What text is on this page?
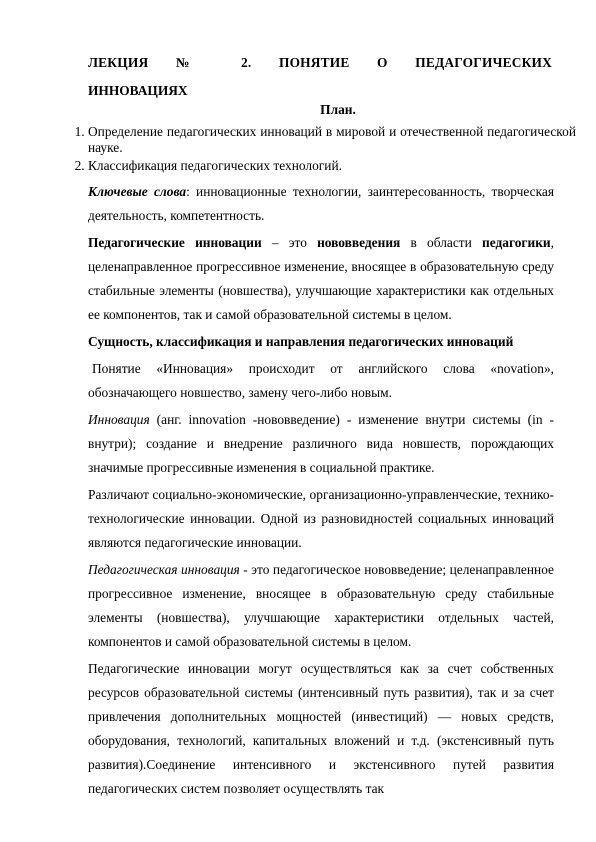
ЛЕКЦИЯ № 2. ПОНЯТИЕ О ПЕДАГОГИЧЕСКИХ
ИННОВАЦИЯХ
План.
1. Определение педагогических инноваций в мировой и отечественной педагогической науке.
2. Классификация педагогических технологий.

Ключевые слова: инновационные технологии, заинтересованность, творческая деятельность, компетентность.

Педагогические инновации – это нововведения в области педагогики, целенаправленное прогрессивное изменение, вносящее в образовательную среду стабильные элементы (новшества), улучшающие характеристики как отдельных ее компонентов, так и самой образовательной системы в целом.

Сущность, классификация и направления педагогических инноваций

Понятие «Инновация» происходит от английского слова «novation», обозначающего новшество, замену чего-либо новым.

Инновация (анг. innovation -нововведение) - изменение внутри системы (in - внутри); создание и внедрение различного вида новшеств, порождающих значимые прогрессивные изменения в социальной практике.

Различают социально-экономические, организационно-управленческие, технико-технологические инновации. Одной из разновидностей социальных инноваций являются педагогические инновации.

Педагогическая инновация - это педагогическое нововведение; целенаправленное прогрессивное изменение, вносящее в образовательную среду стабильные элементы (новшества), улучшающие характеристики отдельных частей, компонентов и самой образовательной системы в целом.

Педагогические инновации могут осуществляться как за счет собственных ресурсов образовательной системы (интенсивный путь развития), так и за счет привлечения дополнительных мощностей (инвестиций) — новых средств, оборудования, технологий, капитальных вложений и т.д. (экстенсивный путь развития).Соединение интенсивного и экстенсивного путей развития педагогических систем позволяет осуществлять так
